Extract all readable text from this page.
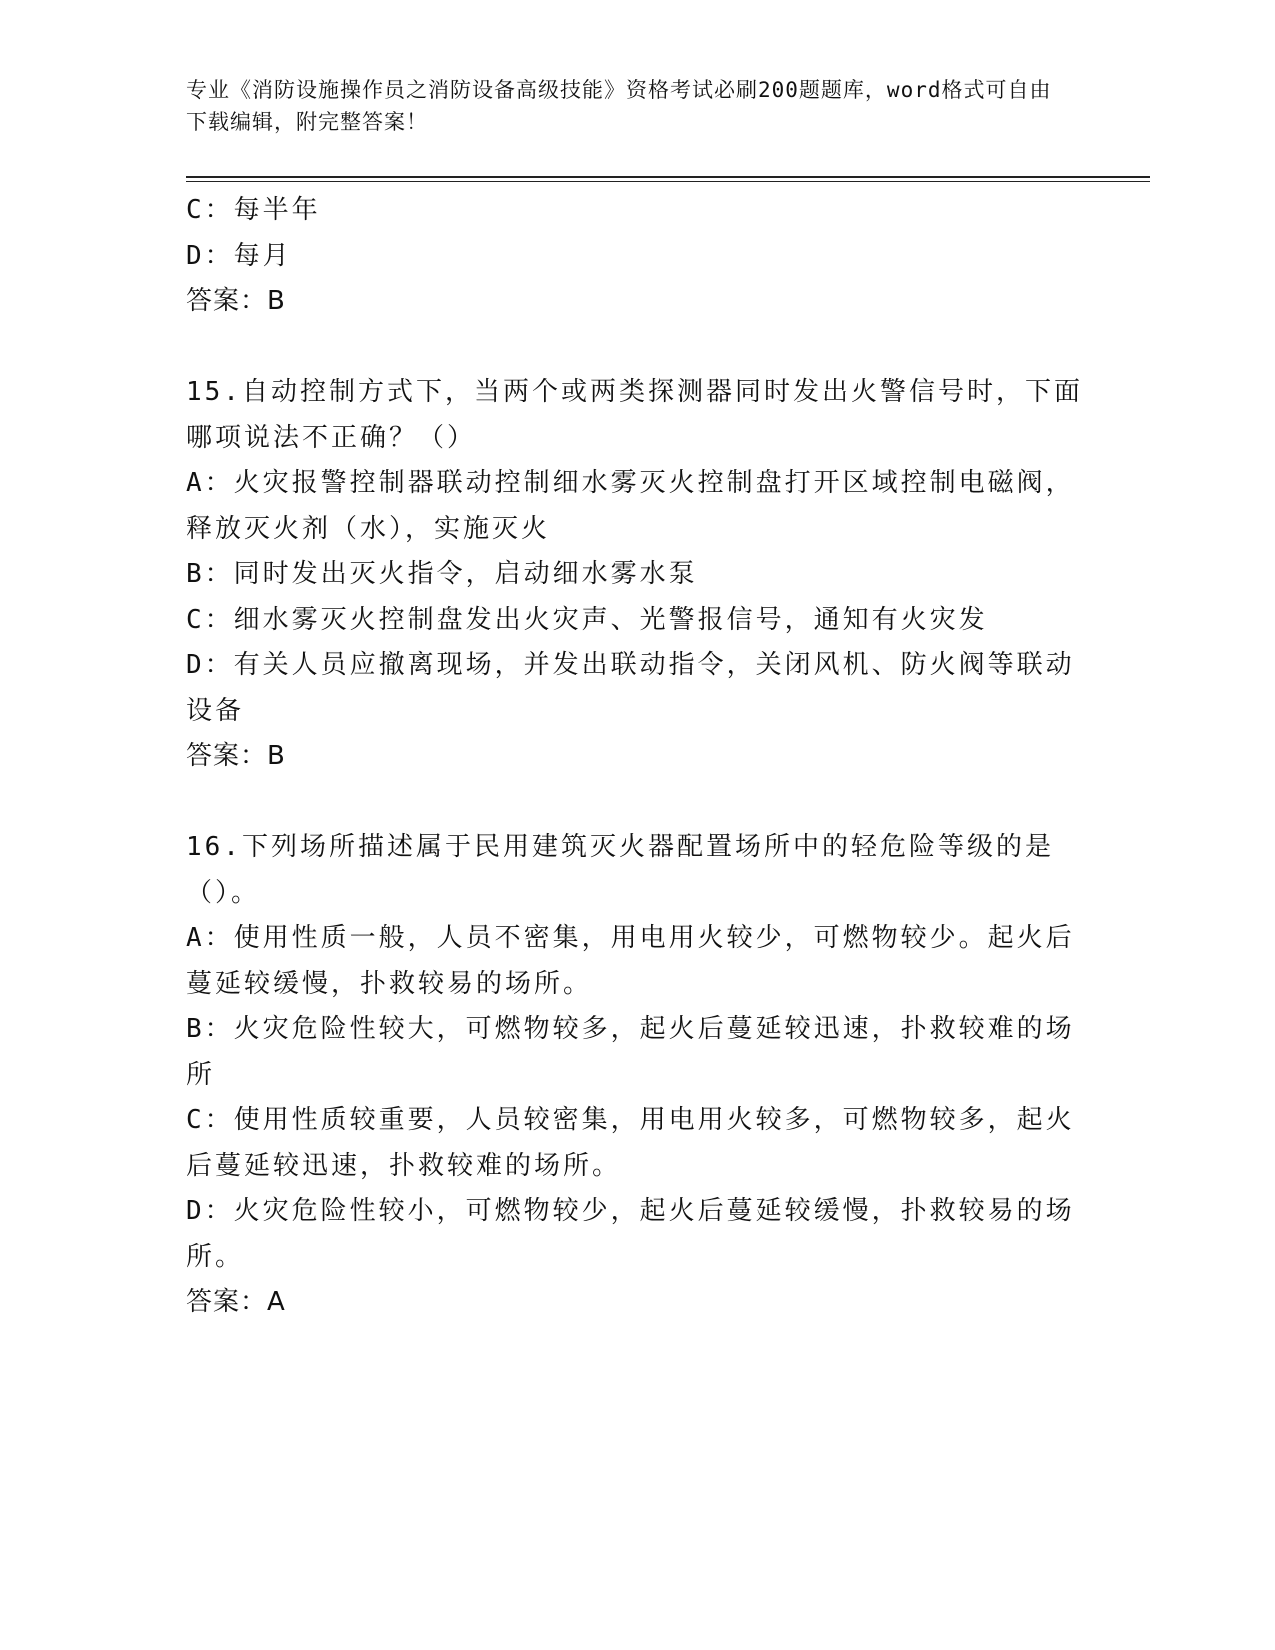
专业《消防设施操作员之消防设备高级技能》资格考试必刷200题题库，word格式可自由下载编辑，附完整答案！

C：每半年

D：每月

答案：B

15.自动控制方式下，当两个或两类探测器同时发出火警信号时，下面哪项说法不正确？（）

A：火灾报警控制器联动控制细水雾灭火控制盘打开区域控制电磁阀，释放灭火剂（水），实施灭火

B：同时发出灭火指令，启动细水雾水泵

C：细水雾灭火控制盘发出火灾声、光警报信号，通知有火灾发

D：有关人员应撤离现场，并发出联动指令，关闭风机、防火阀等联动设备

答案：B

16.下列场所描述属于民用建筑灭火器配置场所中的轻危险等级的是（）。

A：使用性质一般，人员不密集，用电用火较少，可燃物较少。起火后蔓延较缓慢，扑救较易的场所。

B：火灾危险性较大，可燃物较多，起火后蔓延较迅速，扑救较难的场所

C：使用性质较重要，人员较密集，用电用火较多，可燃物较多，起火后蔓延较迅速，扑救较难的场所。

D：火灾危险性较小，可燃物较少，起火后蔓延较缓慢，扑救较易的场所。

答案：A
